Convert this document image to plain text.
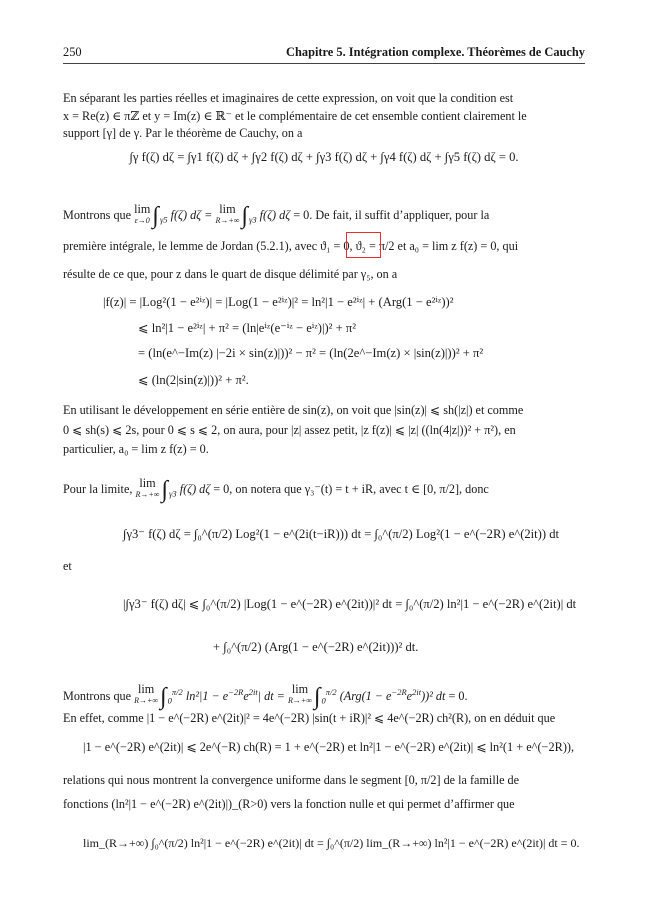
250	Chapitre 5. Intégration complexe. Théorèmes de Cauchy
En séparant les parties réelles et imaginaires de cette expression, on voit que la condition est
x = Re(z) ∈ πℤ et y = Im(z) ∈ ℝ⁻ et le complémentaire de cet ensemble contient clairement le
support [γ] de γ. Par le théorème de Cauchy, on a
∫γ f(ζ) dζ = ∫γ1 f(ζ) dζ + ∫γ2 f(ζ) dζ + ∫γ3 f(ζ) dζ + ∫γ4 f(ζ) dζ + ∫γ5 f(ζ) dζ = 0.
Montrons que lim
ε→0 $\int_{\gamma 5}$ f(ζ) dζ = lim
R→+∞ $\int_{\gamma 3}$ f(ζ) dζ = 0. De fait, il suffit d’appliquer, pour la
première intégrale, le lemme de Jordan (5.2.1), avec ϑ₁ = 0, ϑ₂ = π/2 et a₀ = lim z f(z) = 0, qui
résulte de ce que, pour z dans le quart de disque délimité par γ₅, on a
|f(z)| = |Log²(1 − e²ⁱᶻ)| = |Log(1 − e²ⁱᶻ)|² = ln²|1 − e²ⁱᶻ| + (Arg(1 − e²ⁱᶻ))²
⩽ ln²|1 − e²ⁱᶻ| + π² = (ln|eⁱᶻ(e⁻ⁱᶻ − eⁱᶻ)|)² + π²
= (ln(e^−Im(z) |−2i × sin(z)|))² − π² = (ln(2e^−Im(z) × |sin(z)|))² + π²
⩽ (ln(2|sin(z)|))² + π².
En utilisant le développement en série entière de sin(z), on voit que |sin(z)| ⩽ sh(|z|) et comme
0 ⩽ sh(s) ⩽ 2s, pour 0 ⩽ s ⩽ 2, on aura, pour |z| assez petit, |z f(z)| ⩽ |z| ((ln(4|z|))² + π²), en
particulier, a₀ = lim z f(z) = 0.
Pour la limite, lim
R→+∞ $\int_{\gamma 3}$ f(ζ) dζ = 0, on notera que γ₃⁻(t) = t + iR, avec t ∈ [0, π/2], donc
∫γ3⁻ f(ζ) dζ = ∫₀^(π/2) Log²(1 − e^(2i(t−iR))) dt = ∫₀^(π/2) Log²(1 − e^(−2R) e^(2it)) dt
et
|∫γ3⁻ f(ζ) dζ| ⩽ ∫₀^(π/2) |Log(1 − e^(−2R) e^(2it))|² dt = ∫₀^(π/2) ln²|1 − e^(−2R) e^(2it)| dt
+ ∫₀^(π/2) (Arg(1 − e^(−2R) e^(2it)))² dt.
Montrons que
lim
R→+∞ $\int_0^{\pi/2}$ $\ln^2|1 - e^{-2R}e^{2it}|$ dt =
lim
R→+∞ $\int_0^{\pi/2}$ $(Arg(1 - e^{-2R}e^{2it}))^2$ dt = 0.
En effet, comme |1 − e^(−2R) e^(2it)|² = 4e^(−2R) |sin(t + iR)|² ⩽ 4e^(−2R) ch²(R), on en déduit que
|1 − e^(−2R) e^(2it)| ⩽ 2e^(−R) ch(R) = 1 + e^(−2R) et ln²|1 − e^(−2R) e^(2it)| ⩽ ln²(1 + e^(−2R)),
relations qui nous montrent la convergence uniforme dans le segment [0, π/2] de la famille de
fonctions (ln²|1 − e^(−2R) e^(2it)|)_(R>0) vers la fonction nulle et qui permet d’affirmer que
lim_(R→+∞) ∫₀^(π/2) ln²|1 − e^(−2R) e^(2it)| dt = ∫₀^(π/2) lim_(R→+∞) ln²|1 − e^(−2R) e^(2it)| dt = 0.
